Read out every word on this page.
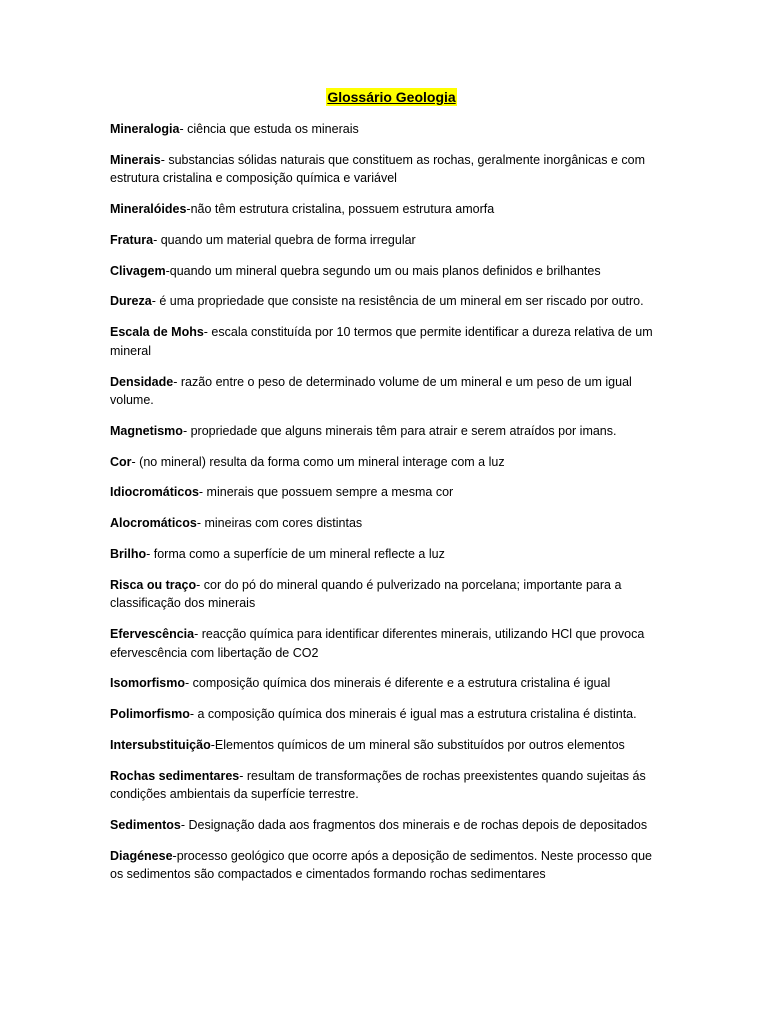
Glossário Geologia

Mineralogia- ciência que estuda os minerais

Minerais- substancias sólidas naturais que constituem as rochas, geralmente inorgânicas e com estrutura cristalina e composição química e variável

Mineralóides-não têm estrutura cristalina, possuem estrutura amorfa

Fratura- quando um material quebra de forma irregular

Clivagem-quando um mineral quebra segundo um ou mais planos definidos e brilhantes

Dureza- é uma propriedade que consiste na resistência de um mineral em ser riscado por outro.

Escala de Mohs- escala constituída por 10 termos que permite identificar a dureza relativa de um mineral

Densidade- razão entre o peso de determinado volume de um mineral e um peso de um igual volume.

Magnetismo- propriedade que alguns minerais têm para atrair e serem atraídos por imans.

Cor- (no mineral) resulta da forma como um mineral interage com a luz

Idiocromáticos- minerais que possuem sempre a mesma cor

Alocromáticos- mineiras com cores distintas

Brilho- forma como a superfície de um mineral reflecte a luz

Risca ou traço- cor do pó do mineral quando é pulverizado na porcelana; importante para a classificação dos minerais

Efervescência- reacção química para identificar diferentes minerais, utilizando HCl que provoca efervescência com libertação de CO2

Isomorfismo- composição química dos minerais é diferente e a estrutura cristalina é igual

Polimorfismo- a composição química dos minerais é igual mas a estrutura cristalina é distinta.

Intersubstituição-Elementos químicos de um mineral são substituídos por outros elementos

Rochas sedimentares- resultam de transformações de rochas preexistentes quando sujeitas ás condições ambientais da superfície terrestre.

Sedimentos- Designação dada aos fragmentos dos minerais e de rochas depois de depositados

Diagénese-processo geológico que ocorre após a deposição de sedimentos. Neste processo que os sedimentos são compactados e cimentados formando rochas sedimentares
